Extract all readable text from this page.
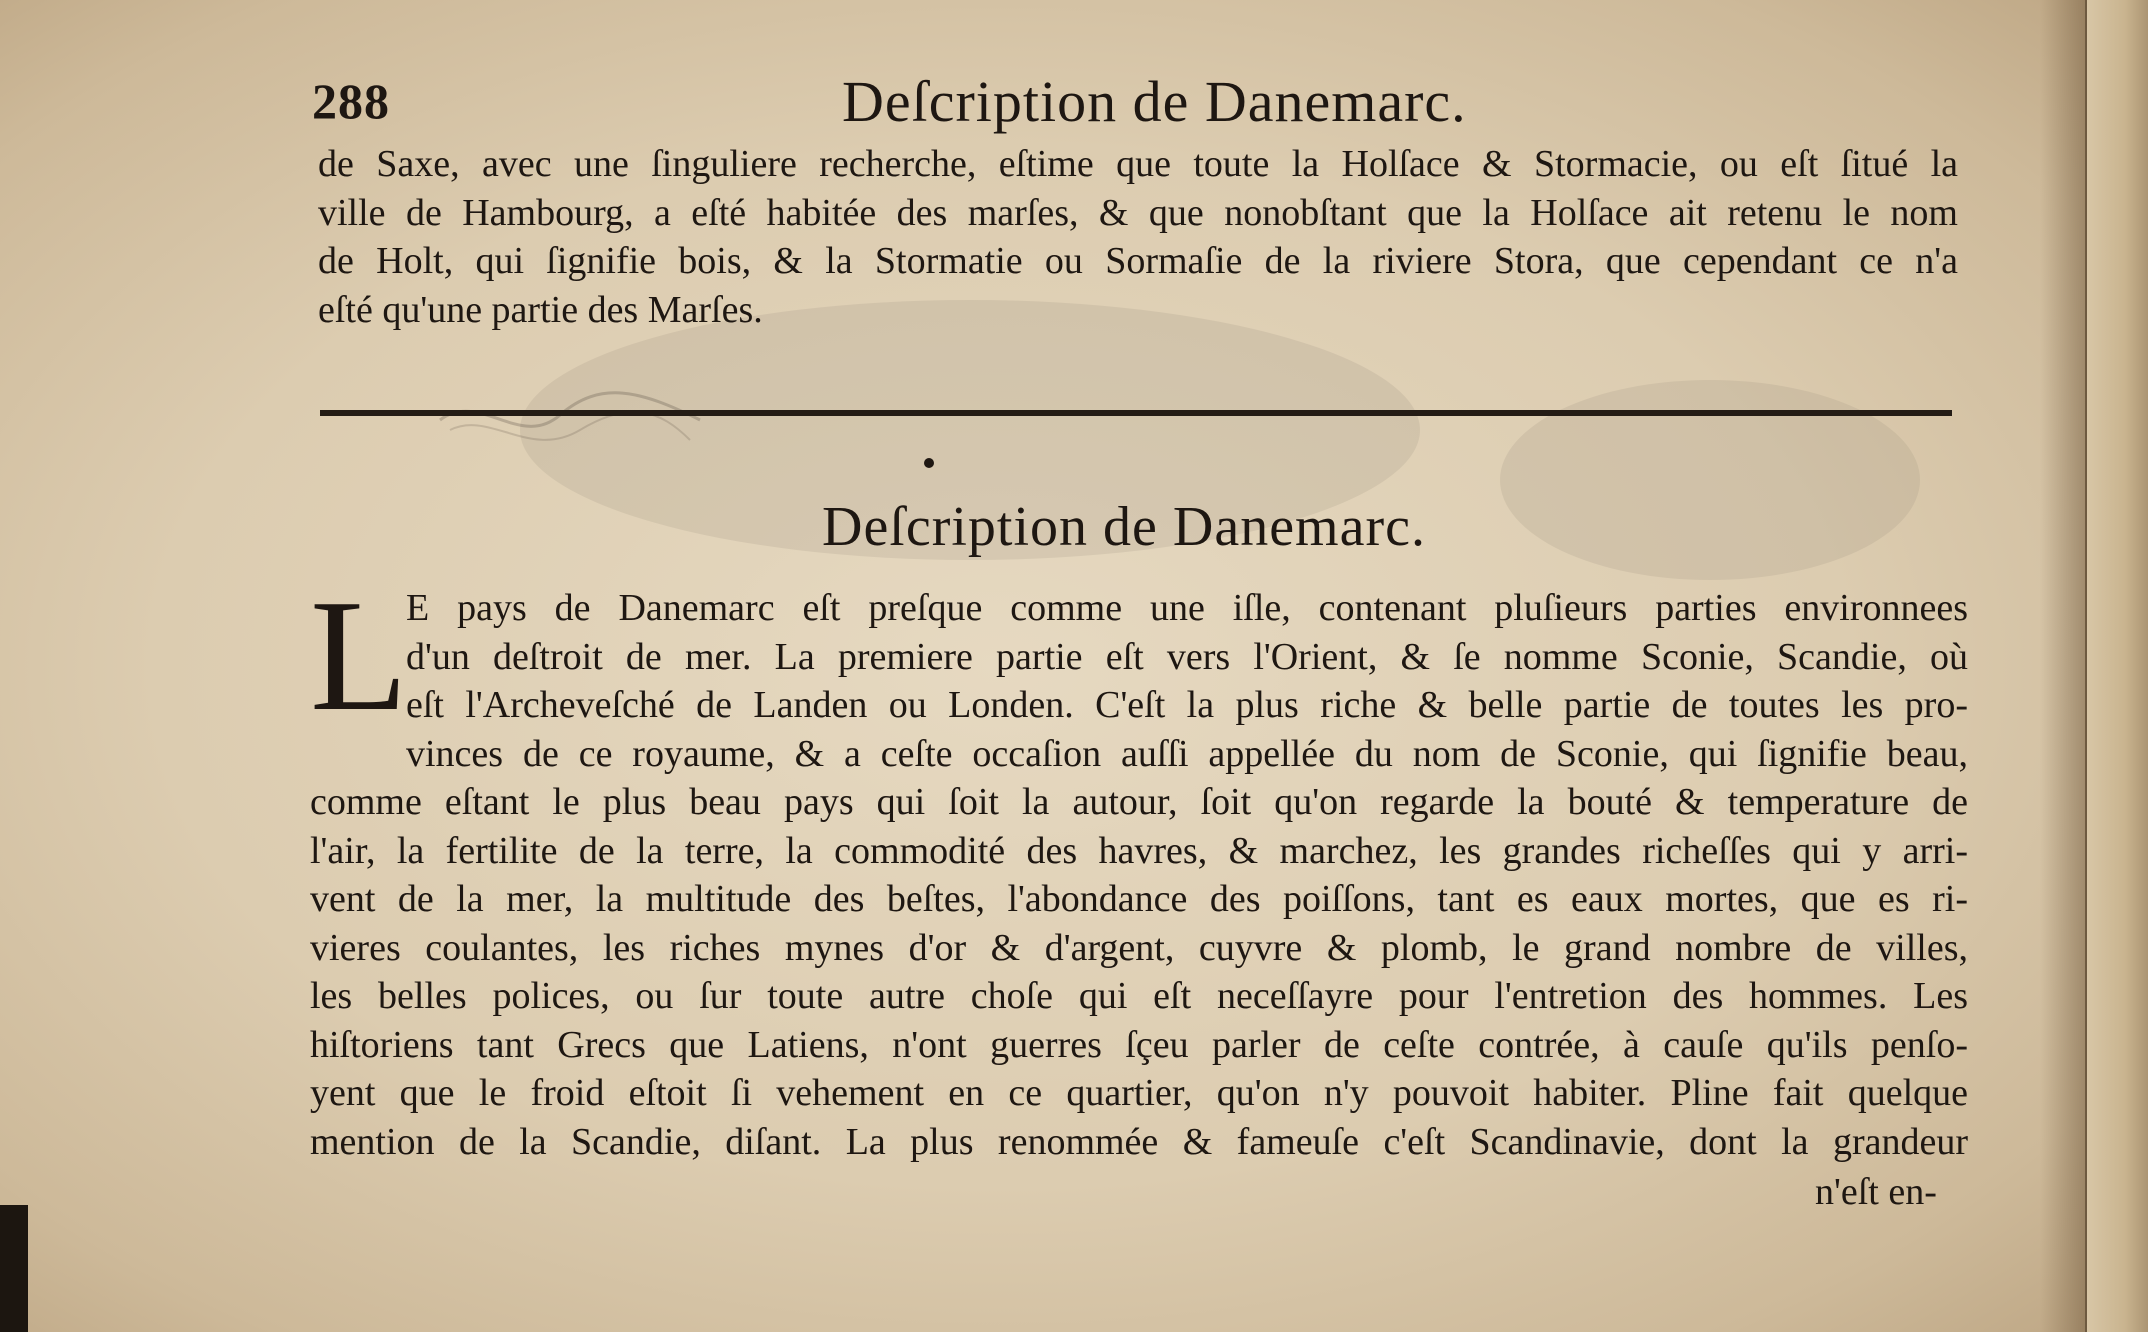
288	Deſcription de Danemarc.
de Saxe, avec une ſinguliere recherche, eſtime que toute la Holſace & Stormacie, ou eſt ſitué la
ville de Hambourg, a eſté habitée des marſes, & que nonobſtant que la Holſace ait retenu le nom
de Holt, qui ſignifie bois, & la Stormatie ou Sormaſie de la riviere Stora, que cependant ce n'a
eſté qu'une partie des Marſes.
Deſcription de Danemarc.
L
E pays de Danemarc eſt preſque comme une iſle, contenant pluſieurs parties environnees
d'un deſtroit de mer. La premiere partie eſt vers l'Orient, & ſe nomme Sconie, Scandie, où
eſt l'Archeveſché de Landen ou Londen. C'eſt la plus riche & belle partie de toutes les pro-
vinces de ce royaume, & a ceſte occaſion auſſi appellée du nom de Sconie, qui ſignifie beau,
comme eſtant le plus beau pays qui ſoit la autour, ſoit qu'on regarde la bouté & temperature de
l'air, la fertilite de la terre, la commodité des havres, & marchez, les grandes richeſſes qui y arri-
vent de la mer, la multitude des beſtes, l'abondance des poiſſons, tant es eaux mortes, que es ri-
vieres coulantes, les riches mynes d'or & d'argent, cuyvre & plomb, le grand nombre de villes,
les belles polices, ou ſur toute autre choſe qui eſt neceſſayre pour l'entretion des hommes. Les
hiſtoriens tant Grecs que Latiens, n'ont guerres ſçeu parler de ceſte contrée, à cauſe qu'ils penſo-
yent que le froid eſtoit ſi vehement en ce quartier, qu'on n'y pouvoit habiter. Pline fait quelque
mention de la Scandie, diſant. La plus renommée & fameuſe c'eſt Scandinavie, dont la grandeur
n'eſt en-
